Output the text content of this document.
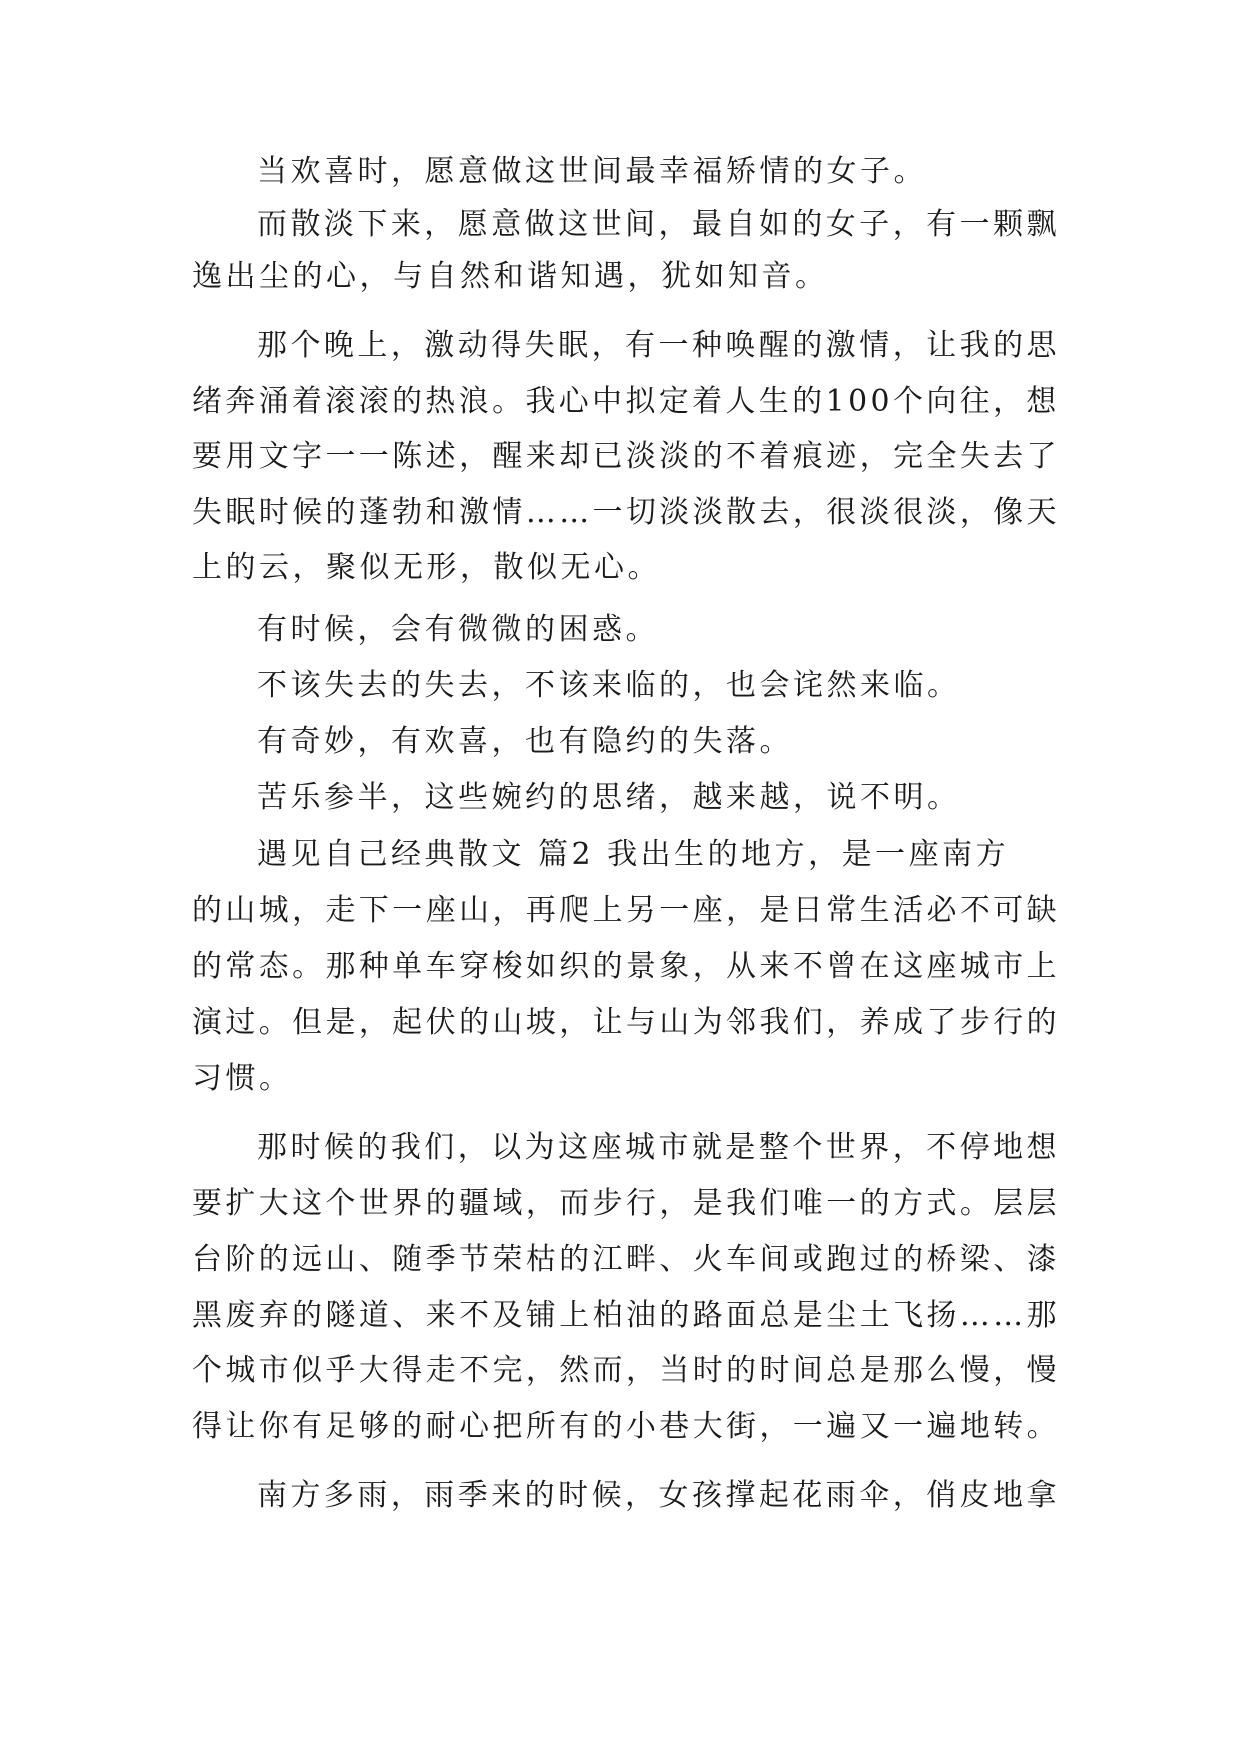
当欢喜时，愿意做这世间最幸福矫情的女子。
而散淡下来，愿意做这世间，最自如的女子，有一颗飘
逸出尘的心，与自然和谐知遇，犹如知音。
那个晚上，激动得失眠，有一种唤醒的激情，让我的思
绪奔涌着滚滚的热浪。我心中拟定着人生的100个向往，想
要用文字一一陈述，醒来却已淡淡的不着痕迹，完全失去了
失眠时候的蓬勃和激情……一切淡淡散去，很淡很淡，像天
上的云，聚似无形，散似无心。
有时候，会有微微的困惑。
不该失去的失去，不该来临的，也会诧然来临。
有奇妙，有欢喜，也有隐约的失落。
苦乐参半，这些婉约的思绪，越来越，说不明。
遇见自己经典散文 篇2 我出生的地方，是一座南方
的山城，走下一座山，再爬上另一座，是日常生活必不可缺
的常态。那种单车穿梭如织的景象，从来不曾在这座城市上
演过。但是，起伏的山坡，让与山为邻我们，养成了步行的
习惯。
那时候的我们，以为这座城市就是整个世界，不停地想
要扩大这个世界的疆域，而步行，是我们唯一的方式。层层
台阶的远山、随季节荣枯的江畔、火车间或跑过的桥梁、漆
黑废弃的隧道、来不及铺上柏油的路面总是尘土飞扬……那
个城市似乎大得走不完，然而，当时的时间总是那么慢，慢
得让你有足够的耐心把所有的小巷大街，一遍又一遍地转。
南方多雨，雨季来的时候，女孩撑起花雨伞，俏皮地拿
